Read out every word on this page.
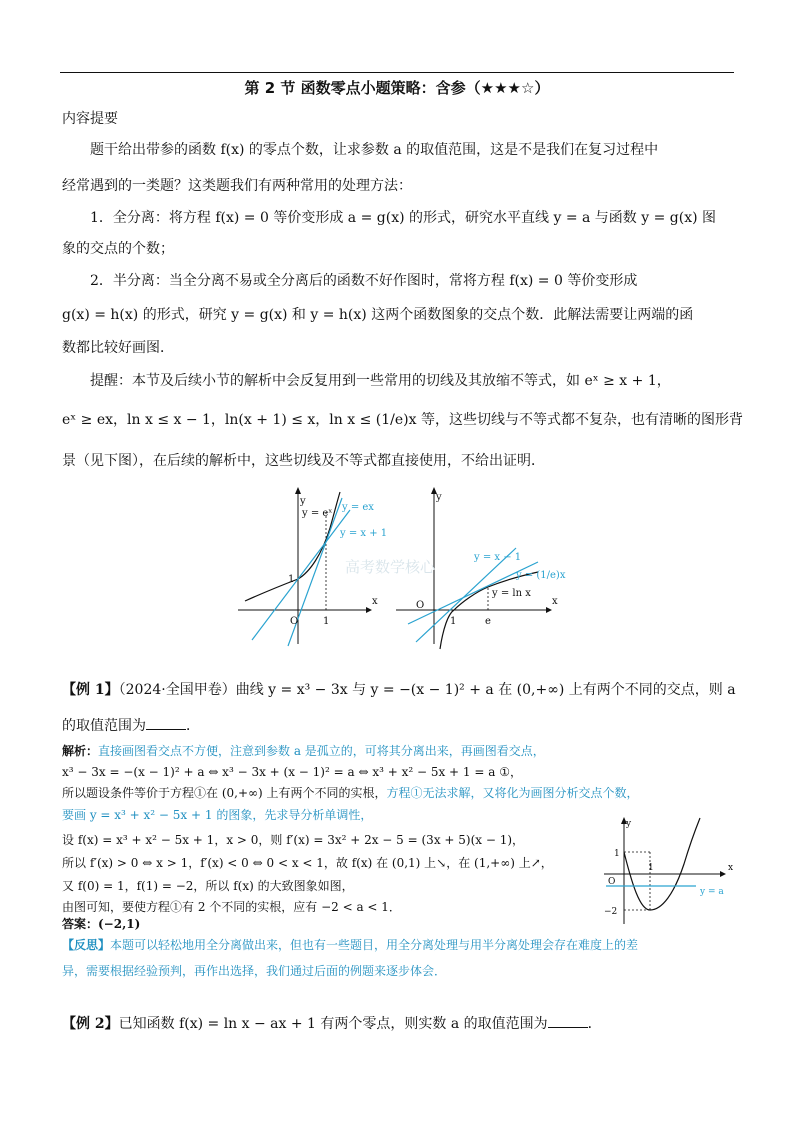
第 2 节 函数零点小题策略：含参（★★★☆）
内容提要
题干给出带参的函数 f(x) 的零点个数，让求参数 a 的取值范围，这是不是我们在复习过程中
经常遇到的一类题？这类题我们有两种常用的处理方法：
1．全分离：将方程 f(x) = 0 等价变形成 a = g(x) 的形式，研究水平直线 y = a 与函数 y = g(x) 图
象的交点的个数；
2．半分离：当全分离不易或全分离后的函数不好作图时，常将方程 f(x) = 0 等价变形成
g(x) = h(x) 的形式，研究 y = g(x) 和 y = h(x) 这两个函数图象的交点个数．此解法需要让两端的函
数都比较好画图．
提醒：本节及后续小节的解析中会反复用到一些常用的切线及其放缩不等式，如 eˣ ≥ x + 1，
eˣ ≥ ex，ln x ≤ x − 1，ln(x + 1) ≤ x，ln x ≤ (1/e)x 等，这些切线与不等式都不复杂，也有清晰的图形背
景（见下图），在后续的解析中，这些切线及不等式都直接使用，不给出证明．
y
x
O
1
1
y = eˣ
y = ex
y = x + 1
y
x
O
1	e
y = ln x
y = x − 1
y = (1/e)x
高考数学核心
【例 1】（2024·全国甲卷）曲线 y = x³ − 3x 与 y = −(x − 1)² + a 在 (0,+∞) 上有两个不同的交点，则 a
的取值范围为	．
解析：直接画图看交点不方便，注意到参数 a 是孤立的，可将其分离出来，再画图看交点，
x³ − 3x = −(x − 1)² + a ⇔ x³ − 3x + (x − 1)² = a ⇔ x³ + x² − 5x + 1 = a ①，
所以题设条件等价于方程①在 (0,+∞) 上有两个不同的实根，方程①无法求解，又将化为画图分析交点个数，
要画 y = x³ + x² − 5x + 1 的图象，先求导分析单调性，
设 f(x) = x³ + x² − 5x + 1，x > 0，则 f′(x) = 3x² + 2x − 5 = (3x + 5)(x − 1)，
所以 f′(x) > 0 ⇔ x > 1，f′(x) < 0 ⇔ 0 < x < 1，故 f(x) 在 (0,1) 上↘，在 (1,+∞) 上↗，
又 f(0) = 1，f(1) = −2，所以 f(x) 的大致图象如图，
由图可知，要使方程①有 2 个不同的实根，应有 −2 < a < 1．
答案：(−2,1)
y
x
O
1
1
−2
y = a
【反思】本题可以轻松地用全分离做出来，但也有一些题目，用全分离处理与用半分离处理会存在难度上的差
异，需要根据经验预判，再作出选择，我们通过后面的例题来逐步体会．
【例 2】已知函数 f(x) = ln x − ax + 1 有两个零点，则实数 a 的取值范围为	．
